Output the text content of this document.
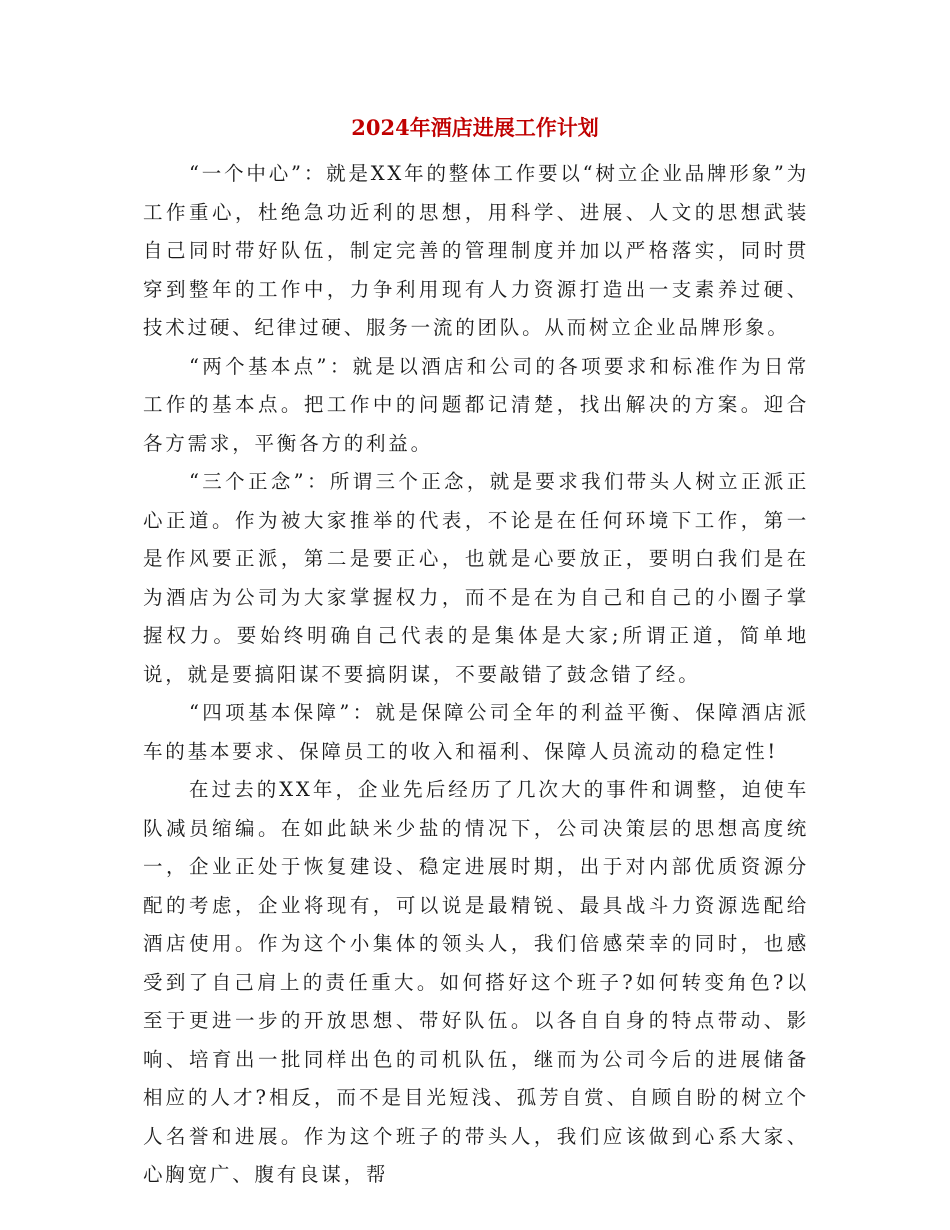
2024年酒店进展工作计划

“一个中心”：就是XX年的整体工作要以“树立企业品牌形象”为工作重心，杜绝急功近利的思想，用科学、进展、人文的思想武装自己同时带好队伍，制定完善的管理制度并加以严格落实，同时贯穿到整年的工作中，力争利用现有人力资源打造出一支素养过硬、技术过硬、纪律过硬、服务一流的团队。从而树立企业品牌形象。

“两个基本点”：就是以酒店和公司的各项要求和标准作为日常工作的基本点。把工作中的问题都记清楚，找出解决的方案。迎合各方需求，平衡各方的利益。

“三个正念”：所谓三个正念，就是要求我们带头人树立正派正心正道。作为被大家推举的代表，不论是在任何环境下工作，第一是作风要正派，第二是要正心，也就是心要放正，要明白我们是在为酒店为公司为大家掌握权力，而不是在为自己和自己的小圈子掌握权力。要始终明确自己代表的是集体是大家;所谓正道，简单地说，就是要搞阳谋不要搞阴谋，不要敲错了鼓念错了经。

“四项基本保障”：就是保障公司全年的利益平衡、保障酒店派车的基本要求、保障员工的收入和福利、保障人员流动的稳定性!

在过去的XX年，企业先后经历了几次大的事件和调整，迫使车队减员缩编。在如此缺米少盐的情况下，公司决策层的思想高度统一，企业正处于恢复建设、稳定进展时期，出于对内部优质资源分配的考虑，企业将现有，可以说是最精锐、最具战斗力资源选配给酒店使用。作为这个小集体的领头人，我们倍感荣幸的同时，也感受到了自己肩上的责任重大。如何搭好这个班子?如何转变角色?以至于更进一步的开放思想、带好队伍。以各自自身的特点带动、影响、培育出一批同样出色的司机队伍，继而为公司今后的进展储备相应的人才?相反，而不是目光短浅、孤芳自赏、自顾自盼的树立个人名誉和进展。作为这个班子的带头人，我们应该做到心系大家、心胸宽广、腹有良谋，帮
